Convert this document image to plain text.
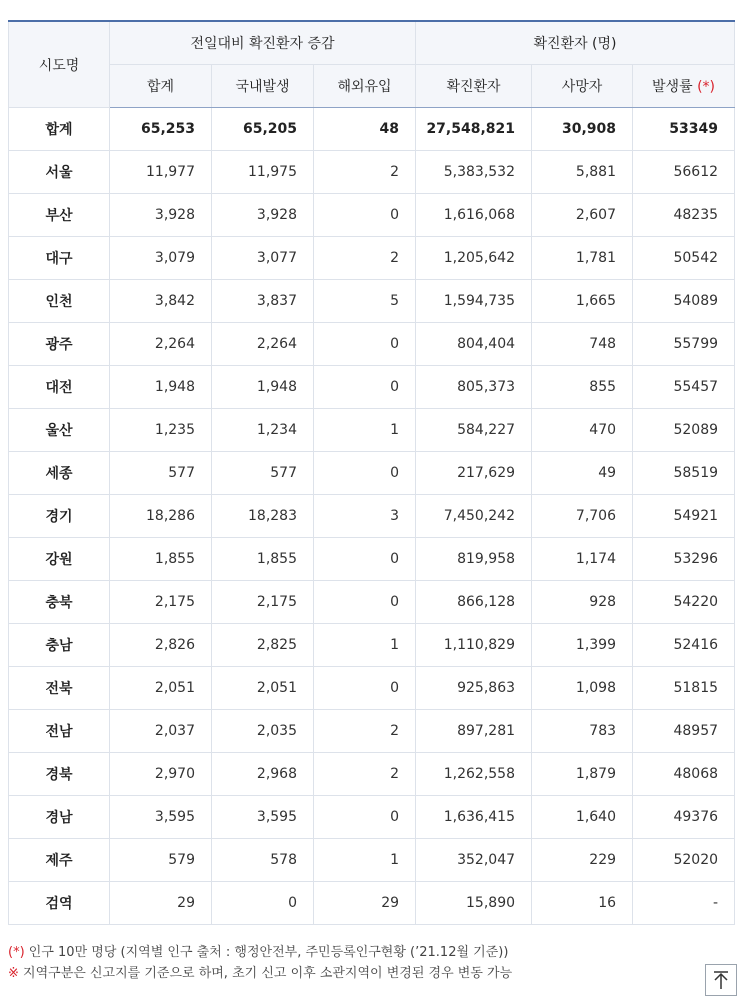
시도명	전일대비 확진환자 증감			확진환자 (명)		
	합계	국내발생	해외유입	확진환자	사망자	발생률 (*)
합계	65,253	65,205	48	27,548,821	30,908	53349
서울	11,977	11,975	2	5,383,532	5,881	56612
부산	3,928	3,928	0	1,616,068	2,607	48235
대구	3,079	3,077	2	1,205,642	1,781	50542
인천	3,842	3,837	5	1,594,735	1,665	54089
광주	2,264	2,264	0	804,404	748	55799
대전	1,948	1,948	0	805,373	855	55457
울산	1,235	1,234	1	584,227	470	52089
세종	577	577	0	217,629	49	58519
경기	18,286	18,283	3	7,450,242	7,706	54921
강원	1,855	1,855	0	819,958	1,174	53296
충북	2,175	2,175	0	866,128	928	54220
충남	2,826	2,825	1	1,110,829	1,399	52416
전북	2,051	2,051	0	925,863	1,098	51815
전남	2,037	2,035	2	897,281	783	48957
경북	2,970	2,968	2	1,262,558	1,879	48068
경남	3,595	3,595	0	1,636,415	1,640	49376
제주	579	578	1	352,047	229	52020
검역	29	0	29	15,890	16	-
(*) 인구 10만 명당 (지역별 인구 출처 : 행정안전부, 주민등록인구현황 (’21.12월 기준))
※ 지역구분은 신고지를 기준으로 하며, 초기 신고 이후 소관지역이 변경된 경우 변동 가능
